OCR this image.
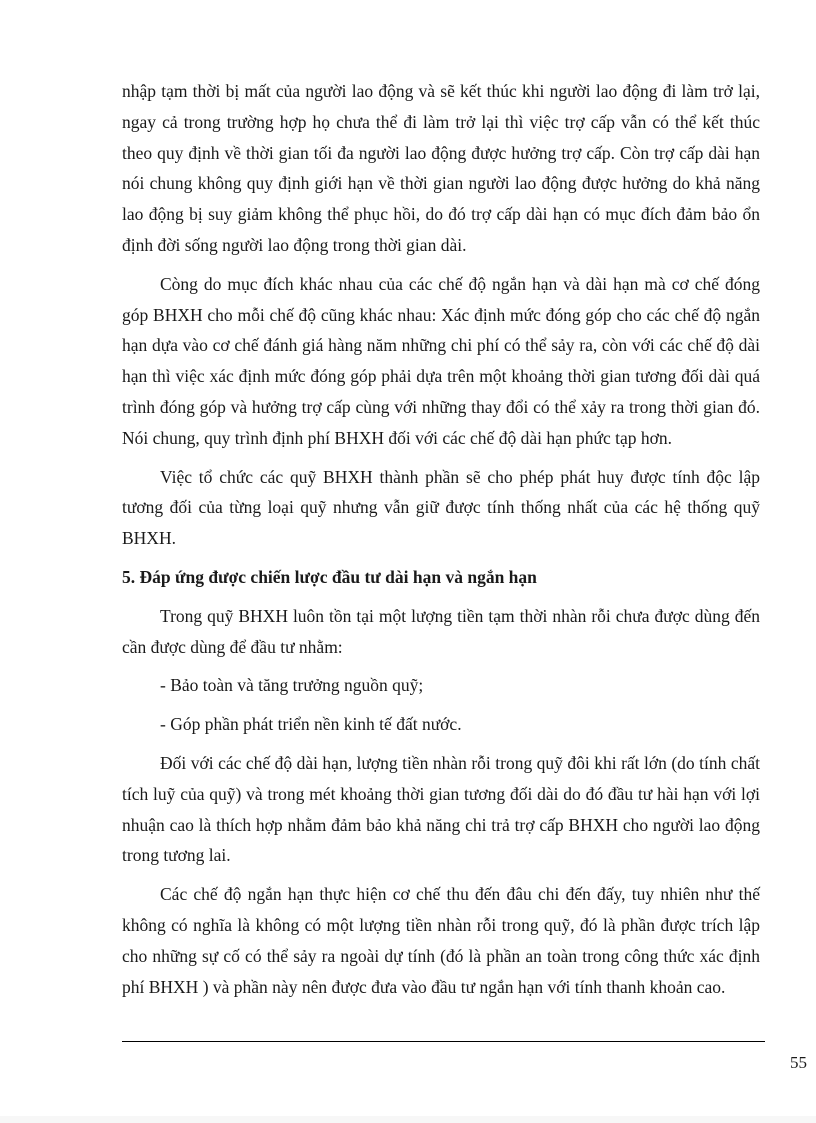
nhập tạm thời bị mất của người lao động và sẽ kết thúc khi người lao động đi làm trở lại, ngay cả trong trường hợp họ chưa thể đi làm trở lại thì việc trợ cấp vẫn có thể kết thúc theo quy định về thời gian tối đa người lao động được hưởng trợ cấp. Còn trợ cấp dài hạn nói chung không quy định giới hạn về thời gian người lao động được hưởng do khả năng lao động bị suy giảm không thể phục hồi, do đó trợ cấp dài hạn có mục đích đảm bảo ổn định đời sống người lao động trong thời gian dài.

Còng do mục đích khác nhau của các chế độ ngắn hạn và dài hạn mà cơ chế đóng góp BHXH cho mỗi chế độ cũng khác nhau: Xác định mức đóng góp cho các chế độ ngắn hạn dựa vào cơ chế đánh giá hàng năm những chi phí có thể sảy ra, còn với các chế độ dài hạn thì việc xác định mức đóng góp phải dựa trên một khoảng thời gian tương đối dài quá trình đóng góp và hưởng trợ cấp cùng với những thay đổi có thể xảy ra trong thời gian đó. Nói chung, quy trình định phí BHXH đối với các chế độ dài hạn phức tạp hơn.

Việc tổ chức các quỹ BHXH thành phần sẽ cho phép phát huy được tính độc lập tương đối của từng loại quỹ nhưng vẫn giữ được tính thống nhất của các hệ thống quỹ BHXH.

5. Đáp ứng được chiến lược đầu tư dài hạn và ngắn hạn

Trong quỹ BHXH luôn tồn tại một lượng tiền tạm thời nhàn rỗi chưa được dùng đến cần được dùng để đầu tư nhằm:

- Bảo toàn và tăng trưởng nguồn quỹ;

- Góp phần phát triển nền kinh tế đất nước.

Đối với các chế độ dài hạn, lượng tiền nhàn rỗi trong quỹ đôi khi rất lớn (do tính chất tích luỹ của quỹ) và trong mét khoảng thời gian tương đối dài do đó đầu tư hài hạn với lợi nhuận cao là thích hợp nhằm đảm bảo khả năng chi trả trợ cấp BHXH cho người lao động trong tương lai.

Các chế độ ngắn hạn thực hiện cơ chế thu đến đâu chi đến đấy, tuy nhiên như thế không có nghĩa là không có một lượng tiền nhàn rỗi trong quỹ, đó là phần được trích lập cho những sự cố có thể sảy ra ngoài dự tính (đó là phần an toàn trong công thức xác định phí BHXH ) và phần này nên được đưa vào đầu tư ngắn hạn với tính thanh khoản cao.

55
